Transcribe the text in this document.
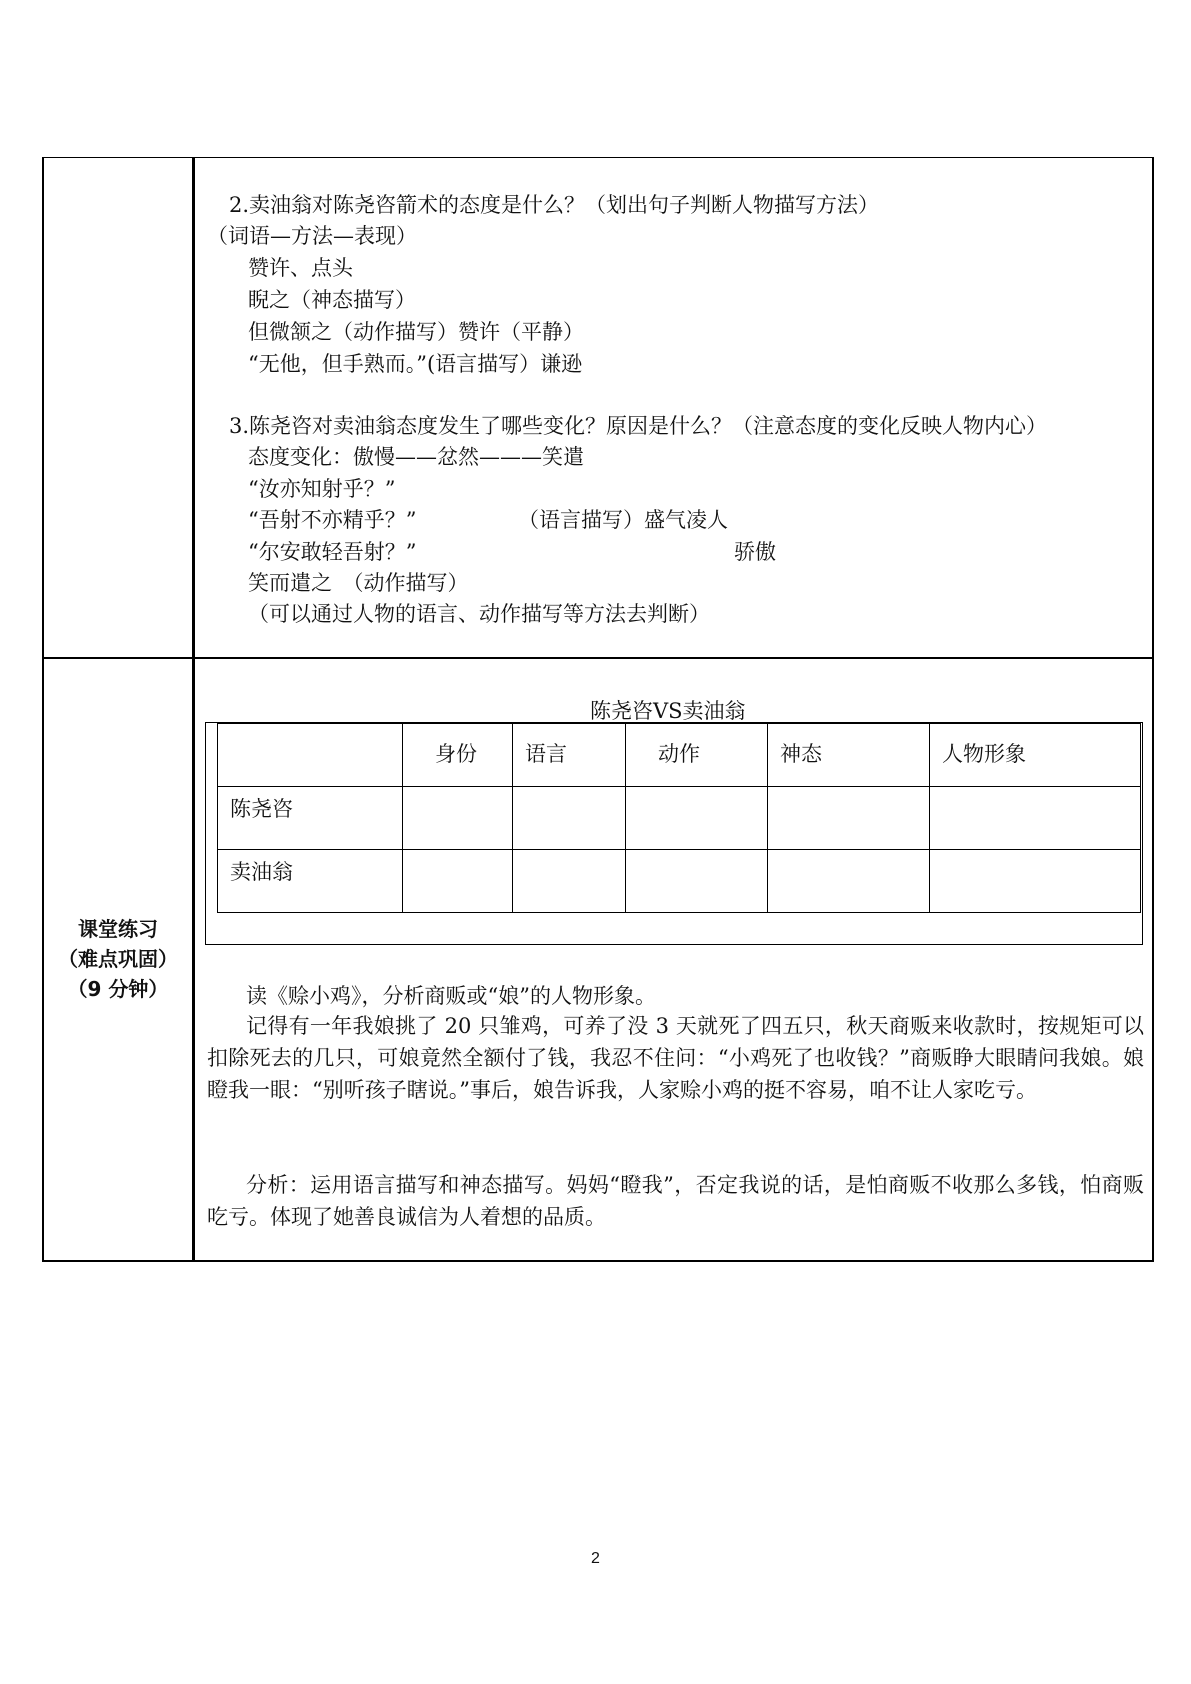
2.卖油翁对陈尧咨箭术的态度是什么？（划出句子判断人物描写方法）
（词语—方法—表现）
赞许、点头
睨之（神态描写）
但微颔之（动作描写）赞许（平静）
“无他，但手熟而。”(语言描写）谦逊
3.陈尧咨对卖油翁态度发生了哪些变化？原因是什么？（注意态度的变化反映人物内心）
态度变化：傲慢——忿然———笑遣
“汝亦知射乎？”
“吾射不亦精乎？”	（语言描写）盛气凌人
“尔安敢轻吾射？”	骄傲
笑而遣之　（动作描写）
（可以通过人物的语言、动作描写等方法去判断）
课堂练习
（难点巩固）
（9 分钟）
陈尧咨VS卖油翁

	身份	语言	动作	神态	人物形象

陈尧咨					

卖油翁					

读《赊小鸡》，分析商贩或“娘”的人物形象。
记得有一年我娘挑了 20 只雏鸡，可养了没 3 天就死了四五只，秋天商贩来收款时，按规矩可以扣除死去的几只，可娘竟然全额付了钱，我忍不住问：“小鸡死了也收钱？”商贩睁大眼睛问我娘。娘瞪我一眼：“别听孩子瞎说。”事后，娘告诉我，人家赊小鸡的挺不容易，咱不让人家吃亏。
分析：运用语言描写和神态描写。妈妈“瞪我”，否定我说的话，是怕商贩不收那么多钱，怕商贩吃亏。体现了她善良诚信为人着想的品质。
2
